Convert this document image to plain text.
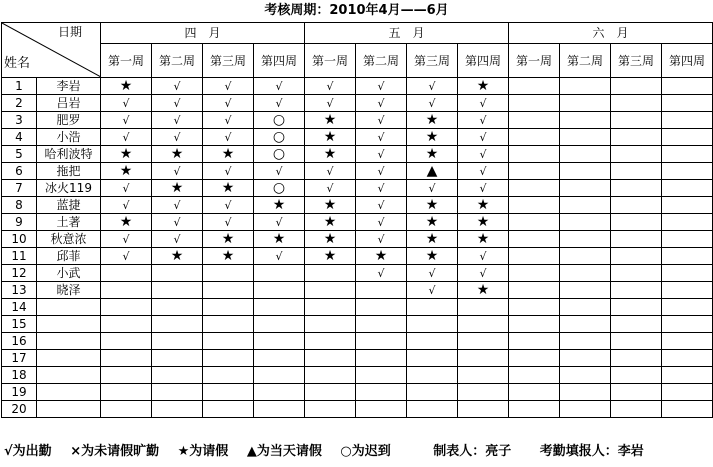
考核周期：2010年4月——6月
日期
姓名		四　月				五　月				六　月			
		第一周	第二周	第三周	第四周	第一周	第二周	第三周	第四周	第一周	第二周	第三周	第四周
1	李岩	★	√	√	√	√	√	√	★				
2	吕岩	√	√	√	√	√	√	√	√				
3	肥罗	√	√	√	○	★	√	★	√				
4	小浩	√	√	√	○	★	√	★	√				
5	哈利波特	★	★	★	○	★	√	★	√				
6	拖把	★	√	√	√	√	√	▲	√				
7	冰火119	√	★	★	○	√	√	√	√				
8	蓝捷	√	√	√	★	★	√	★	★				
9	土著	★	√	√	√	★	√	★	★				
10	秋意浓	√	√	★	★	★	√	★	★				
11	邱菲	√	★	★	√	★	★	★	√				
12	小武						√	√	√				
13	晓泽							√	★				
14													
15													
16													
17													
18													
19													
20													
√为出勤 ×为未请假旷勤 ★为请假 ▲为当天请假 ○为迟到	制表人：亮子 考勤填报人：李岩
